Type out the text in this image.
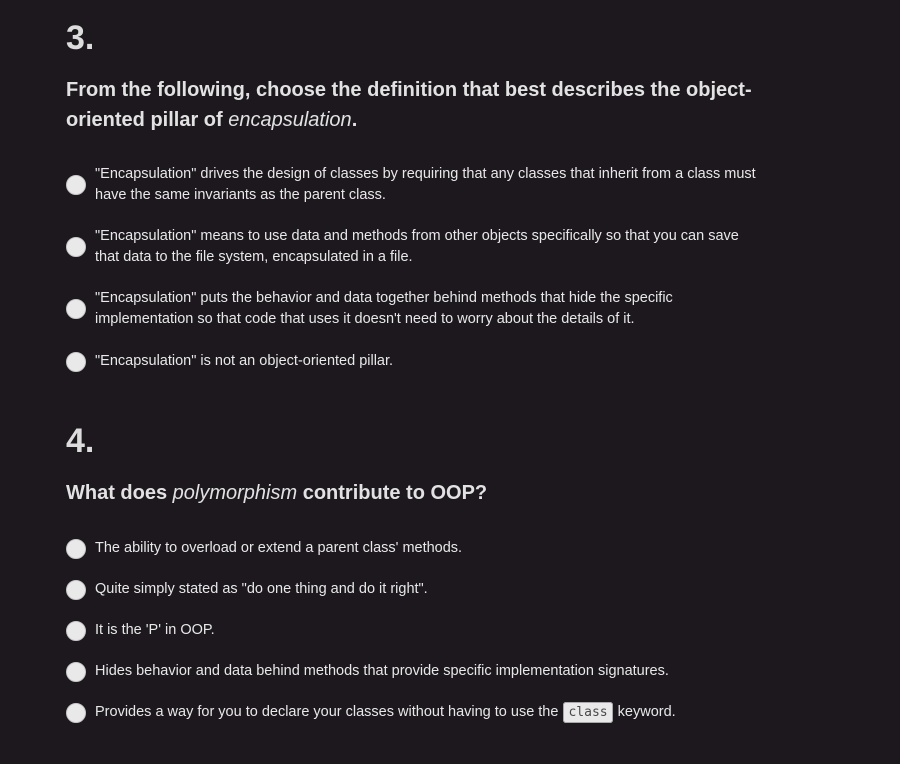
3.

From the following, choose the definition that best describes the object-oriented pillar of encapsulation.

"Encapsulation" drives the design of classes by requiring that any classes that inherit from a class must have the same invariants as the parent class.
"Encapsulation" means to use data and methods from other objects specifically so that you can save that data to the file system, encapsulated in a file.
"Encapsulation" puts the behavior and data together behind methods that hide the specific implementation so that code that uses it doesn't need to worry about the details of it.
"Encapsulation" is not an object-oriented pillar.
4.

What does polymorphism contribute to OOP?

The ability to overload or extend a parent class' methods.
Quite simply stated as "do one thing and do it right".
It is the 'P' in OOP.
Hides behavior and data behind methods that provide specific implementation signatures.
Provides a way for you to declare your classes without having to use the class keyword.
